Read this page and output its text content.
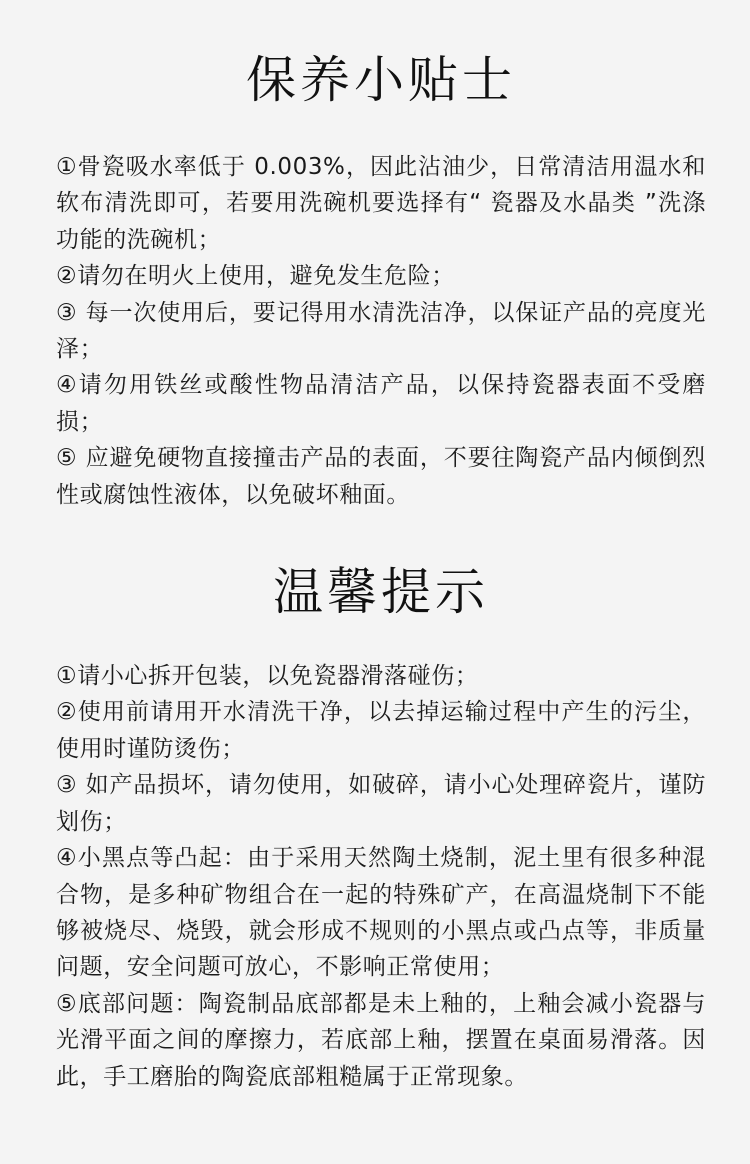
保养小贴士
①骨瓷吸水率低于 0.003%，因此沾油少，日常清洁用温水和软布清洗即可，若要用洗碗机要选择有“ 瓷器及水晶类 ”洗涤功能的洗碗机；
②请勿在明火上使用，避免发生危险；
③ 每一次使用后，要记得用水清洗洁净，以保证产品的亮度光泽；
④请勿用铁丝或酸性物品清洁产品，以保持瓷器表面不受磨损；
⑤ 应避免硬物直接撞击产品的表面，不要往陶瓷产品内倾倒烈性或腐蚀性液体，以免破坏釉面。
温馨提示
①请小心拆开包装，以免瓷器滑落碰伤；
②使用前请用开水清洗干净，以去掉运输过程中产生的污尘，使用时谨防烫伤；
③ 如产品损坏，请勿使用，如破碎，请小心处理碎瓷片，谨防划伤；
④小黑点等凸起：由于采用天然陶土烧制，泥土里有很多种混合物，是多种矿物组合在一起的特殊矿产，在高温烧制下不能够被烧尽、烧毁，就会形成不规则的小黑点或凸点等，非质量问题，安全问题可放心，不影响正常使用；
⑤底部问题：陶瓷制品底部都是未上釉的，上釉会减小瓷器与光滑平面之间的摩擦力，若底部上釉，摆置在桌面易滑落。因此，手工磨胎的陶瓷底部粗糙属于正常现象。
